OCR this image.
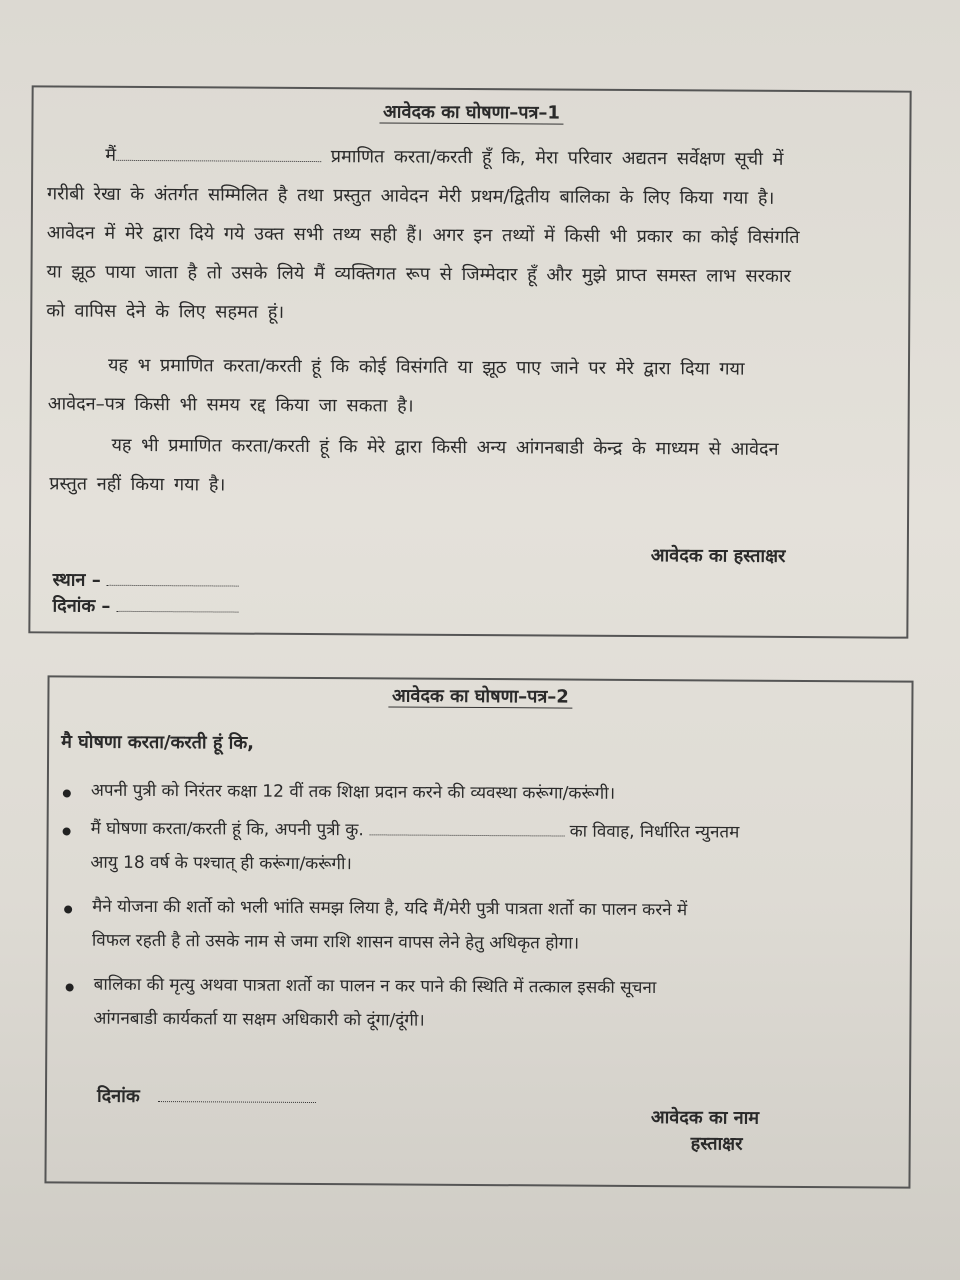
आवेदक का घोषणा–पत्र–1
मैं	प्रमाणित करता/करती हूँ कि, मेरा परिवार अद्यतन सर्वेक्षण सूची में
गरीबी रेखा के अंतर्गत सम्मिलित है तथा प्रस्तुत आवेदन मेरी प्रथम/द्वितीय बालिका के लिए किया गया है।
आवेदन में मेरे द्वारा दिये गये उक्त सभी तथ्य सही हैं। अगर इन तथ्यों में किसी भी प्रकार का कोई विसंगति
या झूठ पाया जाता है तो उसके लिये मैं व्यक्तिगत रूप से जिम्मेदार हूँ और मुझे प्राप्त समस्त लाभ सरकार
को वापिस देने के लिए सहमत हूं।
यह भ प्रमाणित करता/करती हूं कि कोई विसंगति या झूठ पाए जाने पर मेरे द्वारा दिया गया
आवेदन–पत्र किसी भी समय रद्द किया जा सकता है।
यह भी प्रमाणित करता/करती हूं कि मेरे द्वारा किसी अन्य आंगनबाडी केन्द्र के माध्यम से आवेदन
प्रस्तुत नहीं किया गया है।
आवेदक का हस्ताक्षर
स्थान –
दिनांक –
आवेदक का घोषणा–पत्र–2
मै घोषणा करता/करती हूं कि,
अपनी पुत्री को निरंतर कक्षा 12 वीं तक शिक्षा प्रदान करने की व्यवस्था करूंगा/करूंगी।
मैं घोषणा करता/करती हूं कि, अपनी पुत्री कु.	का विवाह, निर्धारित न्युनतम
आयु 18 वर्ष के पश्चात् ही करूंगा/करूंगी।
मैने योजना की शर्तो को भली भांति समझ लिया है, यदि मैं/मेरी पुत्री पात्रता शर्तो का पालन करने में
विफल रहती है तो उसके नाम से जमा राशि शासन वापस लेने हेतु अधिकृत होगा।
बालिका की मृत्यु अथवा पात्रता शर्तो का पालन न कर पाने की स्थिति में तत्काल इसकी सूचना
आंगनबाडी कार्यकर्ता या सक्षम अधिकारी को दूंगा/दूंगी।
दिनांक
आवेदक का नाम
हस्ताक्षर
